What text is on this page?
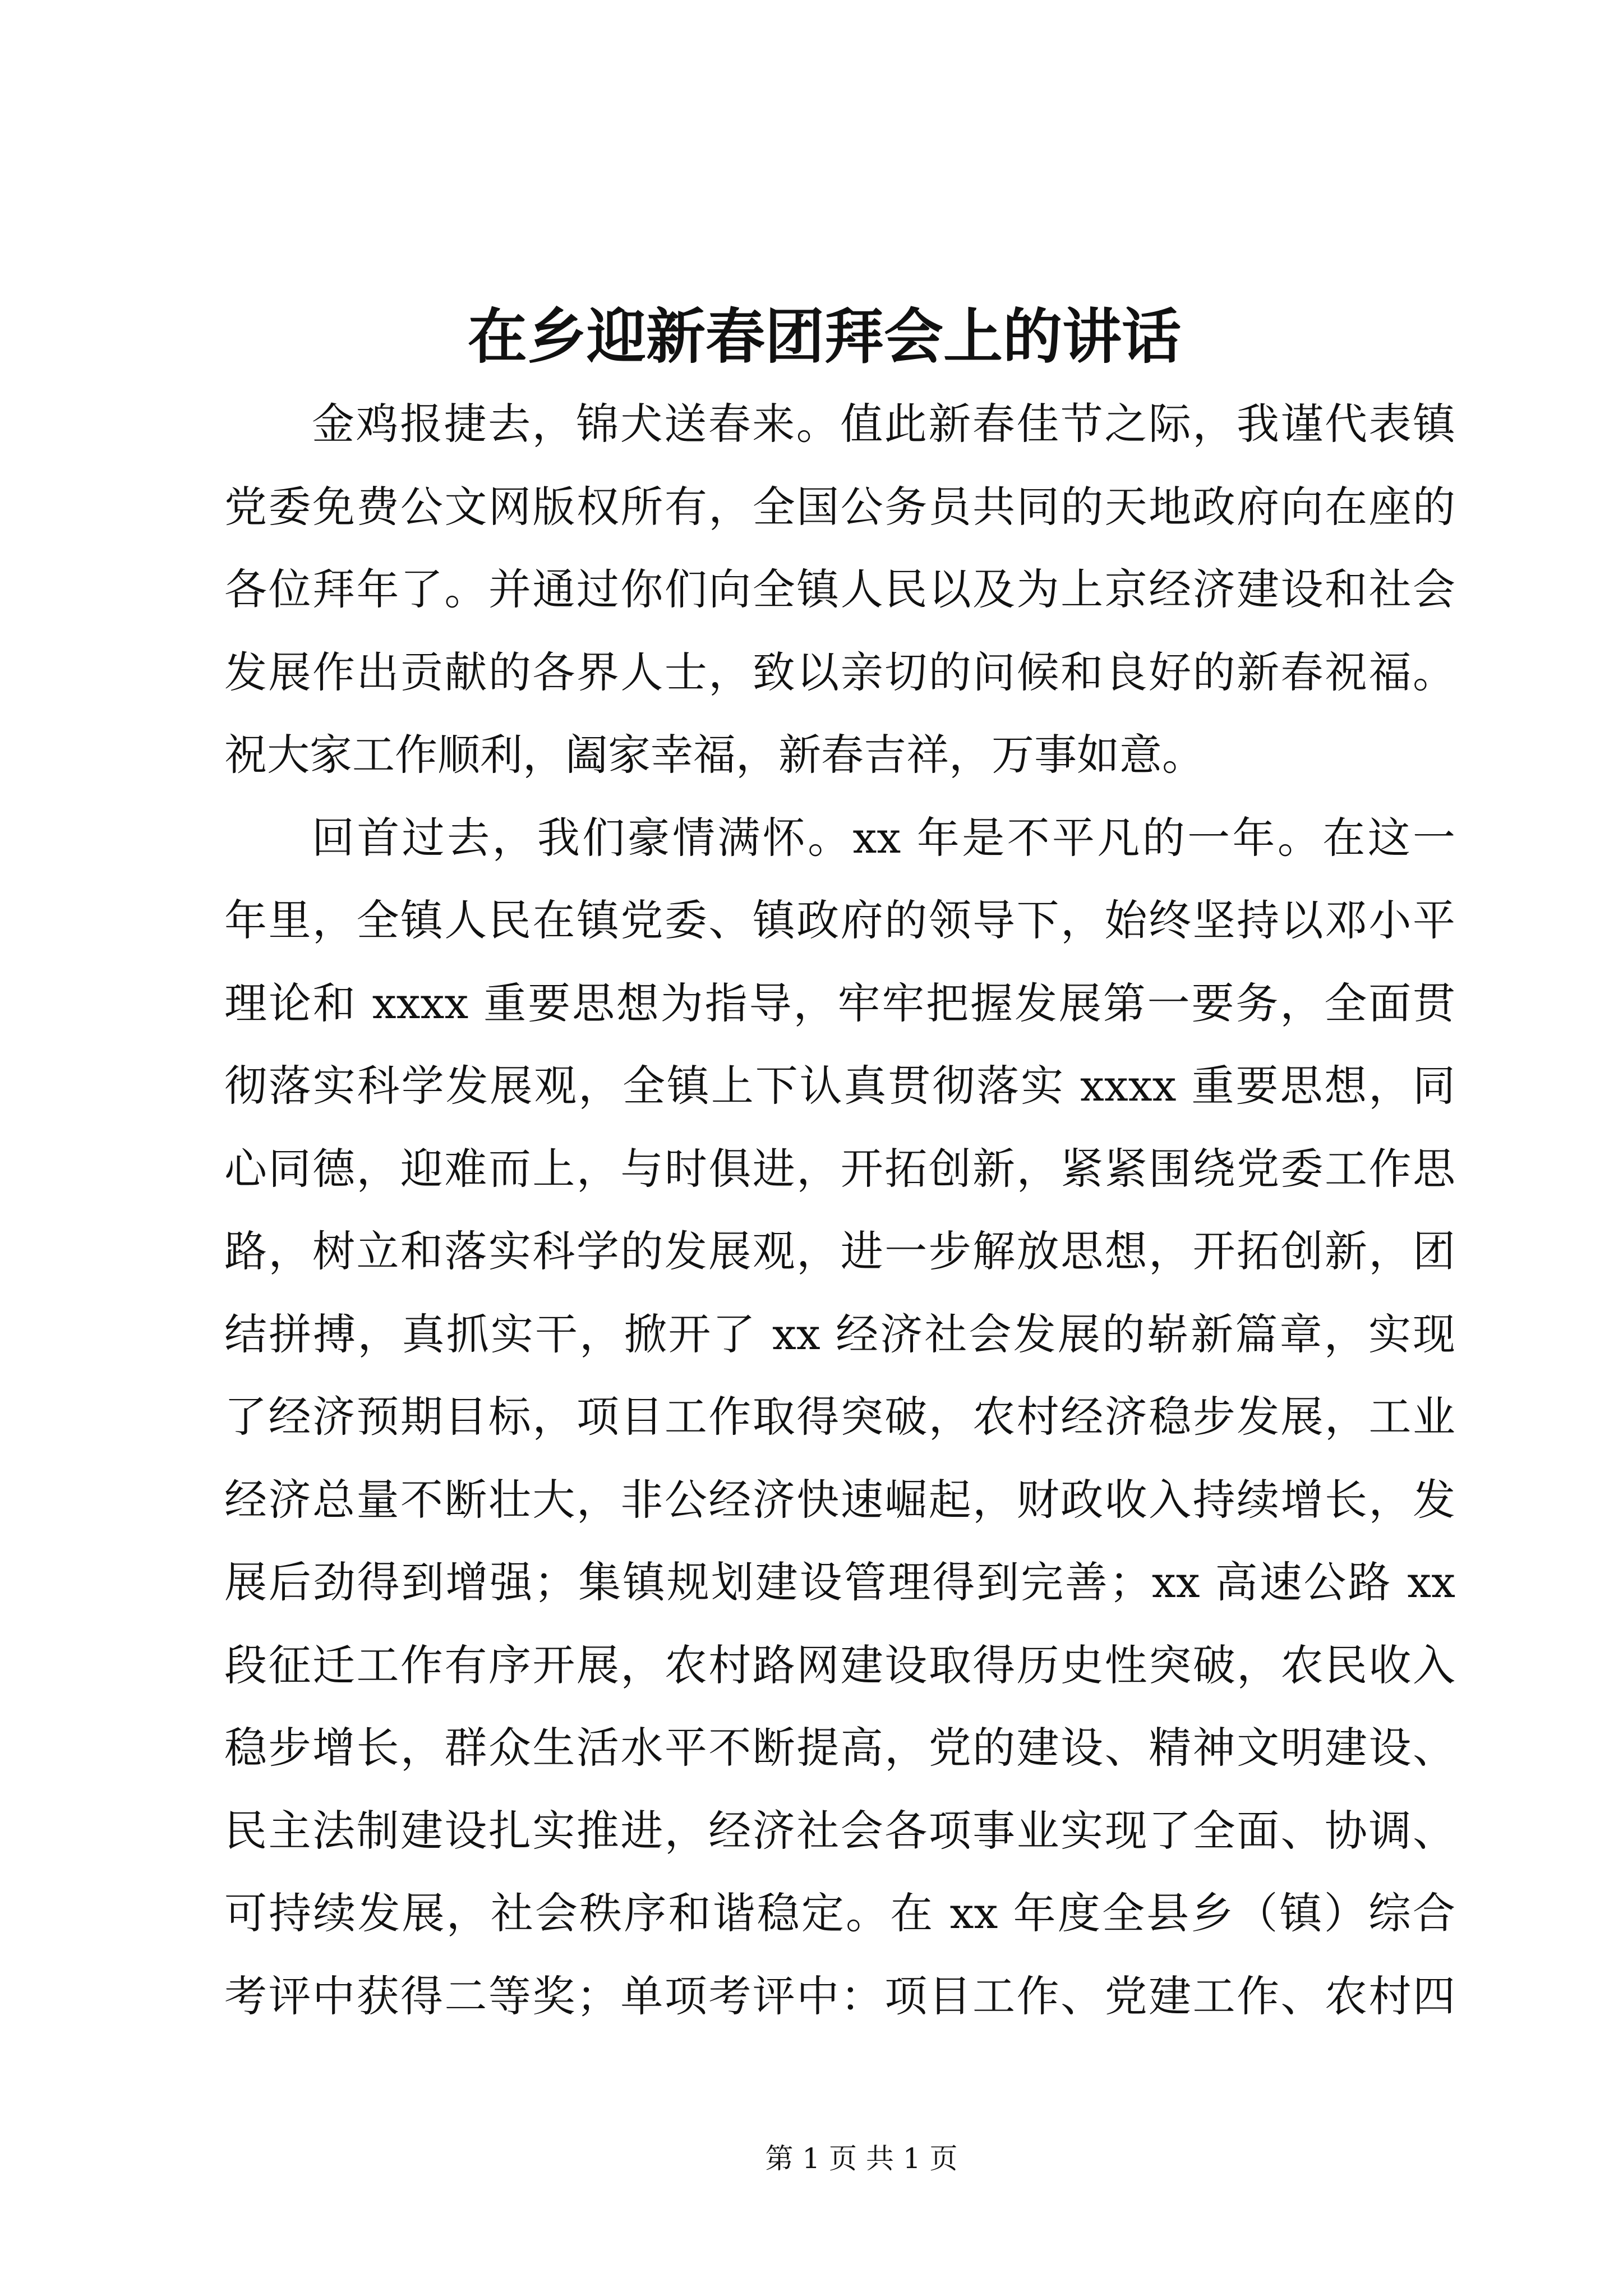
在乡迎新春团拜会上的讲话
金鸡报捷去，锦犬送春来。值此新春佳节之际，我谨代表镇
党委免费公文网版权所有，全国公务员共同的天地政府向在座的
各位拜年了。并通过你们向全镇人民以及为上京经济建设和社会
发展作出贡献的各界人士，致以亲切的问候和良好的新春祝福。
祝大家工作顺利，阖家幸福，新春吉祥，万事如意。
回首过去，我们豪情满怀。xx 年是不平凡的一年。在这一
年里，全镇人民在镇党委、镇政府的领导下，始终坚持以邓小平
理论和 xxxx 重要思想为指导，牢牢把握发展第一要务，全面贯
彻落实科学发展观，全镇上下认真贯彻落实 xxxx 重要思想，同
心同德，迎难而上，与时俱进，开拓创新，紧紧围绕党委工作思
路，树立和落实科学的发展观，进一步解放思想，开拓创新，团
结拼搏，真抓实干，掀开了 xx 经济社会发展的崭新篇章，实现
了经济预期目标，项目工作取得突破，农村经济稳步发展，工业
经济总量不断壮大，非公经济快速崛起，财政收入持续增长，发
展后劲得到增强；集镇规划建设管理得到完善；xx 高速公路 xx
段征迁工作有序开展，农村路网建设取得历史性突破，农民收入
稳步增长，群众生活水平不断提高，党的建设、精神文明建设、
民主法制建设扎实推进，经济社会各项事业实现了全面、协调、
可持续发展，社会秩序和谐稳定。在 xx 年度全县乡（镇）综合
考评中获得二等奖；单项考评中：项目工作、党建工作、农村四
第 1 页 共 1 页
